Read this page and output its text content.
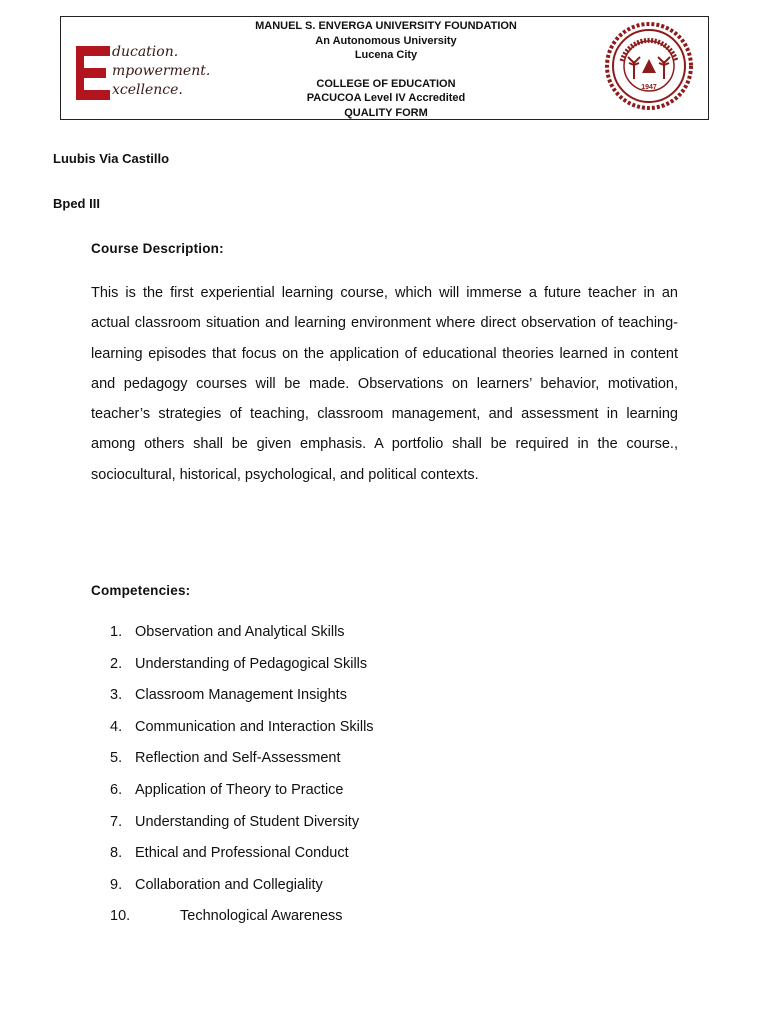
ducation.
mpowerment.
xcellence.
MANUEL S. ENVERGA UNIVERSITY FOUNDATION
An Autonomous University
Lucena City
COLLEGE OF EDUCATION
PACUCOA Level IV Accredited
QUALITY FORM
1947
Luubis Via Castillo
Bped III
Course Description:
This is the first experiential learning course, which will immerse a future teacher in an actual classroom situation and learning environment where direct observation of teaching-learning episodes that focus on the application of educational theories learned in content and pedagogy courses will be made. Observations on learners’ behavior, motivation, teacher’s strategies of teaching, classroom management, and assessment in learning among others shall be given emphasis. A portfolio shall be required in the course., sociocultural, historical, psychological, and political contexts.
Competencies:
1. Observation and Analytical Skills
2. Understanding of Pedagogical Skills
3. Classroom Management Insights
4. Communication and Interaction Skills
5. Reflection and Self-Assessment
6. Application of Theory to Practice
7. Understanding of Student Diversity
8. Ethical and Professional Conduct
9. Collaboration and Collegiality
10.	Technological Awareness
